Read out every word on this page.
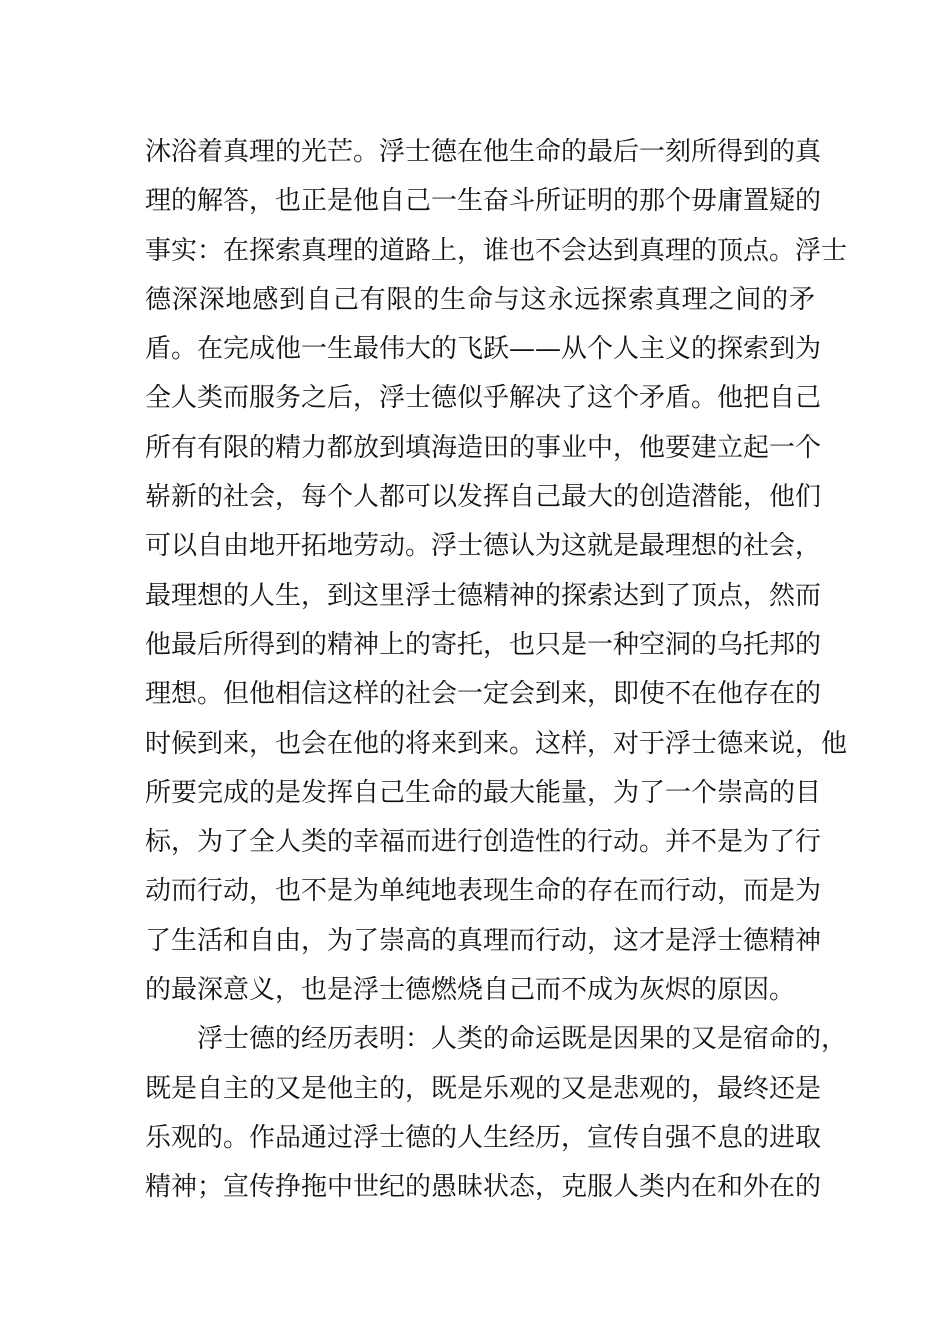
沐浴着真理的光芒。浮士德在他生命的最后一刻所得到的真
理的解答，也正是他自己一生奋斗所证明的那个毋庸置疑的
事实：在探索真理的道路上，谁也不会达到真理的顶点。浮士
德深深地感到自己有限的生命与这永远探索真理之间的矛
盾。在完成他一生最伟大的飞跃——从个人主义的探索到为
全人类而服务之后，浮士德似乎解决了这个矛盾。他把自己
所有有限的精力都放到填海造田的事业中，他要建立起一个
崭新的社会，每个人都可以发挥自己最大的创造潜能，他们
可以自由地开拓地劳动。浮士德认为这就是最理想的社会，
最理想的人生，到这里浮士德精神的探索达到了顶点，然而
他最后所得到的精神上的寄托，也只是一种空洞的乌托邦的
理想。但他相信这样的社会一定会到来，即使不在他存在的
时候到来，也会在他的将来到来。这样，对于浮士德来说，他
所要完成的是发挥自己生命的最大能量，为了一个崇高的目
标，为了全人类的幸福而进行创造性的行动。并不是为了行
动而行动，也不是为单纯地表现生命的存在而行动，而是为
了生活和自由，为了崇高的真理而行动，这才是浮士德精神
的最深意义，也是浮士德燃烧自己而不成为灰烬的原因。
浮士德的经历表明：人类的命运既是因果的又是宿命的，
既是自主的又是他主的，既是乐观的又是悲观的，最终还是
乐观的。作品通过浮士德的人生经历，宣传自强不息的进取
精神；宣传挣拖中世纪的愚昧状态，克服人类内在和外在的
